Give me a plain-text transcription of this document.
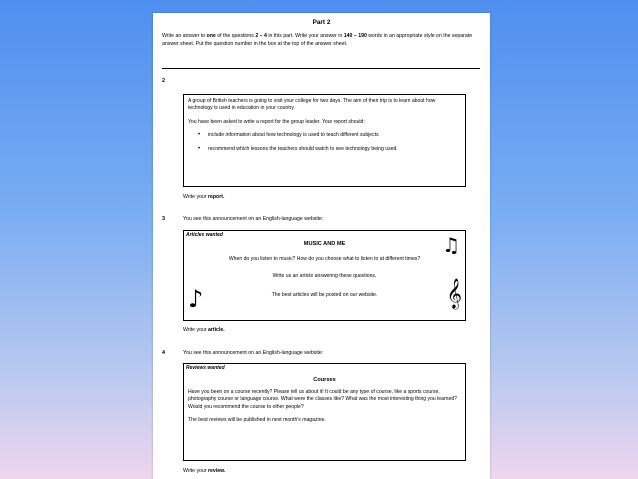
Part 2
Write an answer to one of the questions 2 – 4 in this part. Write your answer in 140 – 190 words in an appropriate style on the separate answer sheet. Put the question number in the box at the top of the answer sheet.
2

A group of British teachers is going to visit your college for two days. The aim of their trip is to learn about how technology is used in education in your country.

You have been asked to write a report for the group leader. Your report should:

•	include information about how technology is used to teach different subjects
•	recommend which lessons the teachers should watch to see technology being used.
Write your report.
3	You see this announcement on an English-language website:
Articles wanted
MUSIC AND ME
When do you listen to music? How do you choose what to listen to at different times?
Write us an article answering these questions.
The best articles will be posted on our website.
♫
♪	𝄞
Write your article.
4	You see this announcement on an English-language website:
Reviews wanted

Courses

Have you been on a course recently? Please tell us about it! It could be any type of course, like a sports course, photography course or language course. What were the classes like? What was the most interesting thing you learned? Would you recommend the course to other people?

The best reviews will be published in next month's magazine.

Write your review.
